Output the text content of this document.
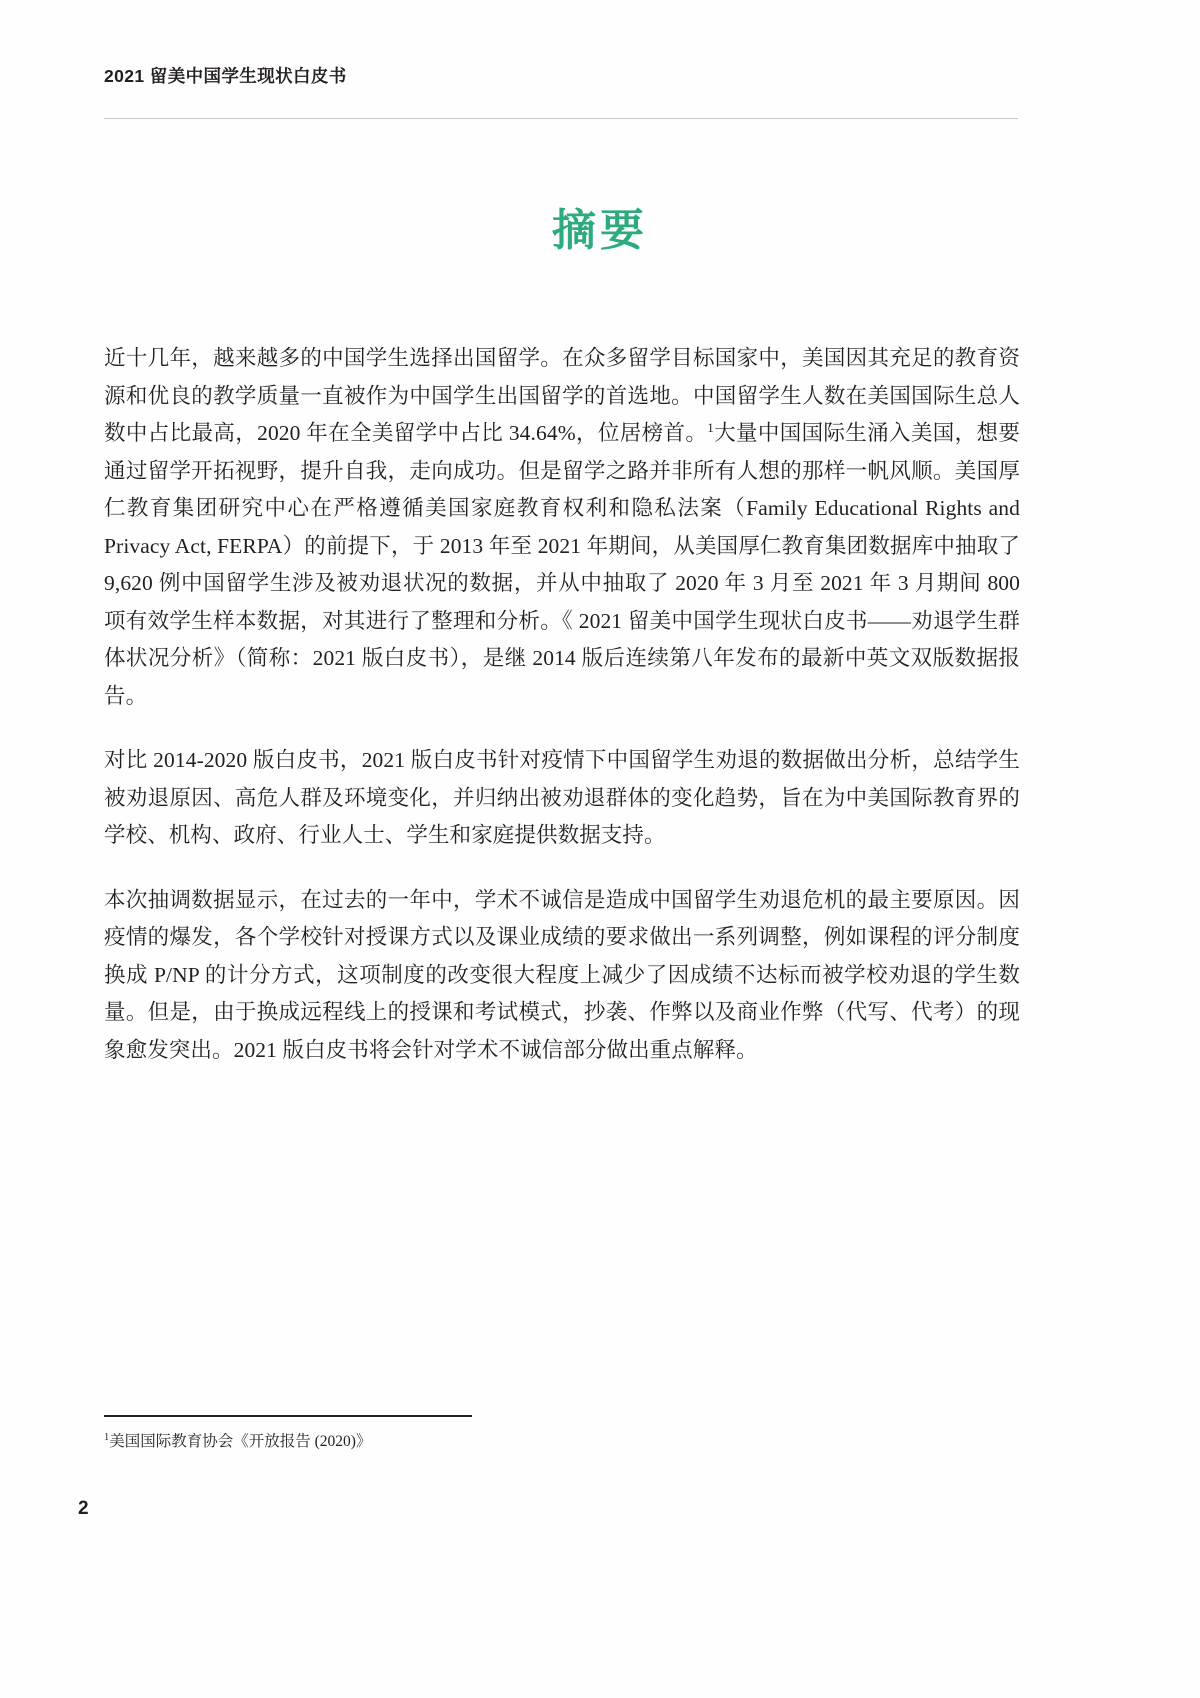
2021 留美中国学生现状白皮书
摘要

近十几年，越来越多的中国学生选择出国留学。在众多留学目标国家中，美国因其充足的教育资源和优良的教学质量一直被作为中国学生出国留学的首选地。中国留学生人数在美国国际生总人数中占比最高，2020 年在全美留学中占比 34.64%，位居榜首。$^1$大量中国国际生涌入美国，想要通过留学开拓视野，提升自我，走向成功。但是留学之路并非所有人想的那样一帆风顺。美国厚仁教育集团研究中心在严格遵循美国家庭教育权利和隐私法案（Family Educational Rights and Privacy Act, FERPA）的前提下，于 2013 年至 2021 年期间，从美国厚仁教育集团数据库中抽取了 9,620 例中国留学生涉及被劝退状况的数据，并从中抽取了 2020 年 3 月至 2021 年 3 月期间 800 项有效学生样本数据，对其进行了整理和分析。《 2021 留美中国学生现状白皮书——劝退学生群体状况分析》（简称：2021 版白皮书），是继 2014 版后连续第八年发布的最新中英文双版数据报告。

对比 2014-2020 版白皮书，2021 版白皮书针对疫情下中国留学生劝退的数据做出分析，总结学生被劝退原因、高危人群及环境变化，并归纳出被劝退群体的变化趋势，旨在为中美国际教育界的学校、机构、政府、行业人士、学生和家庭提供数据支持。

本次抽调数据显示，在过去的一年中，学术不诚信是造成中国留学生劝退危机的最主要原因。因疫情的爆发，各个学校针对授课方式以及课业成绩的要求做出一系列调整，例如课程的评分制度换成 P/NP 的计分方式，这项制度的改变很大程度上减少了因成绩不达标而被学校劝退的学生数量。但是，由于换成远程线上的授课和考试模式，抄袭、作弊以及商业作弊（代写、代考）的现象愈发突出。2021 版白皮书将会针对学术不诚信部分做出重点解释。

$^1$美国国际教育协会《开放报告 (2020)》
2
